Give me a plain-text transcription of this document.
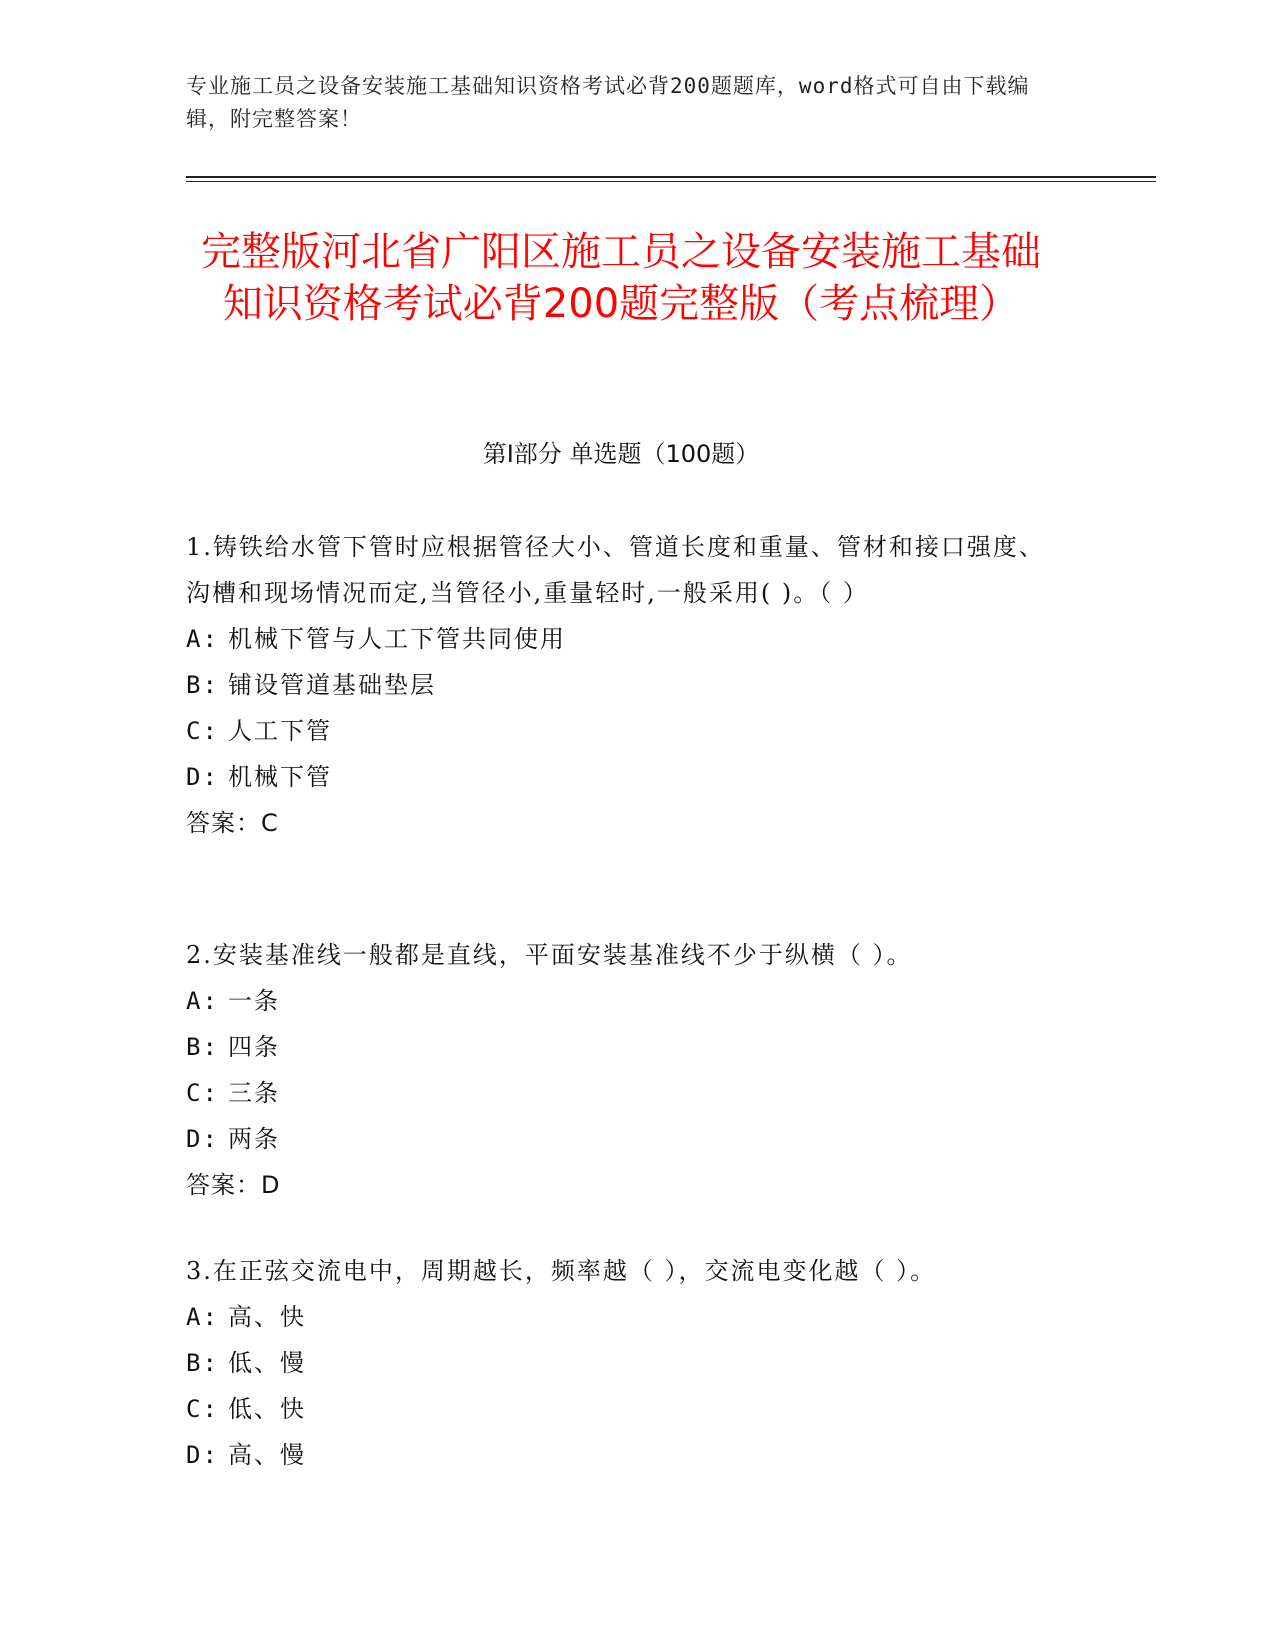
专业施工员之设备安装施工基础知识资格考试必背200题题库，word格式可自由下载编辑，附完整答案！
完整版河北省广阳区施工员之设备安装施工基础知识资格考试必背200题完整版（考点梳理）
第I部分 单选题（100题）
1.铸铁给水管下管时应根据管径大小、管道长度和重量、管材和接口强度、沟槽和现场情况而定,当管径小,重量轻时,一般采用( )。（ ）
A: 机械下管与人工下管共同使用
B: 铺设管道基础垫层
C: 人工下管
D: 机械下管
答案：C
2.安装基准线一般都是直线，平面安装基准线不少于纵横（ ）。
A: 一条
B: 四条
C: 三条
D: 两条
答案：D
3.在正弦交流电中，周期越长，频率越（ ），交流电变化越（ ）。
A: 高、快
B: 低、慢
C: 低、快
D: 高、慢
